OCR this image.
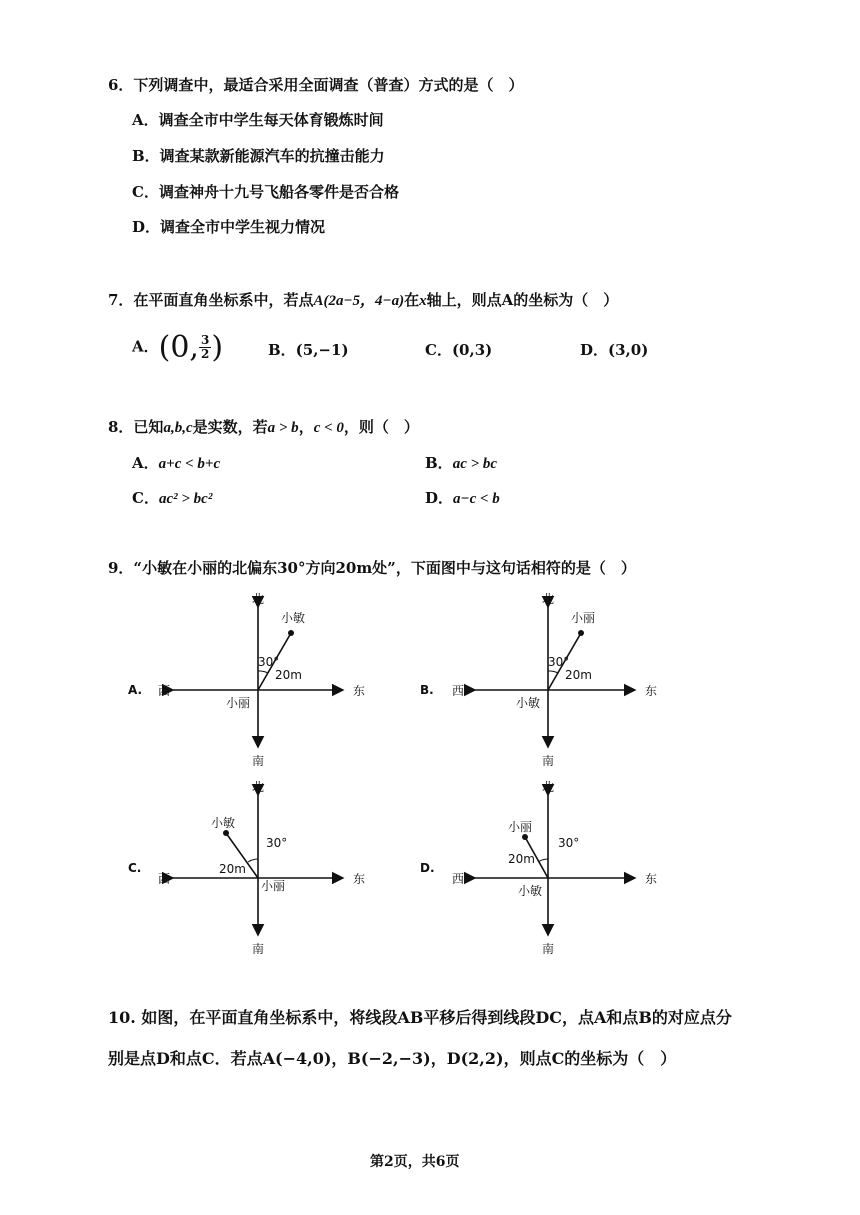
6．下列调查中，最适合采用全面调查（普查）方式的是（　）
A．调查全市中学生每天体育锻炼时间
B．调查某款新能源汽车的抗撞击能力
C．调查神舟十九号飞船各零件是否合格
D．调查全市中学生视力情况
7．在平面直角坐标系中，若点A(2a−5，4−a)在x轴上，则点A的坐标为（　）
A．(0, $\frac{3}{2}$ )	B．(5,−1)	C．(0,3)	D．(3,0)
8．已知a,b,c是实数，若a > b，c < 0，则（　）
A．a+c < b+c	B．ac > bc
C．ac² > bc²	D．a−c < b
9．“小敏在小丽的北偏东30°方向20m处”，下面图中与这句话相符的是（　）
A.
北
南
东
西
小丽
小敏
30°
20m
B.
北
南
东
西
小敏
小丽
30°
20m
C.
北
南
东
西	小丽
小敏
30°
20m	D.
北
南
东
西
小敏
小丽
30°
20m
10. 如图，在平面直角坐标系中，将线段AB平移后得到线段DC，点A和点B的对应点分
别是点D和点C．若点A(−4,0)，B(−2,−3)，D(2,2)，则点C的坐标为（　）
第2页，共6页
